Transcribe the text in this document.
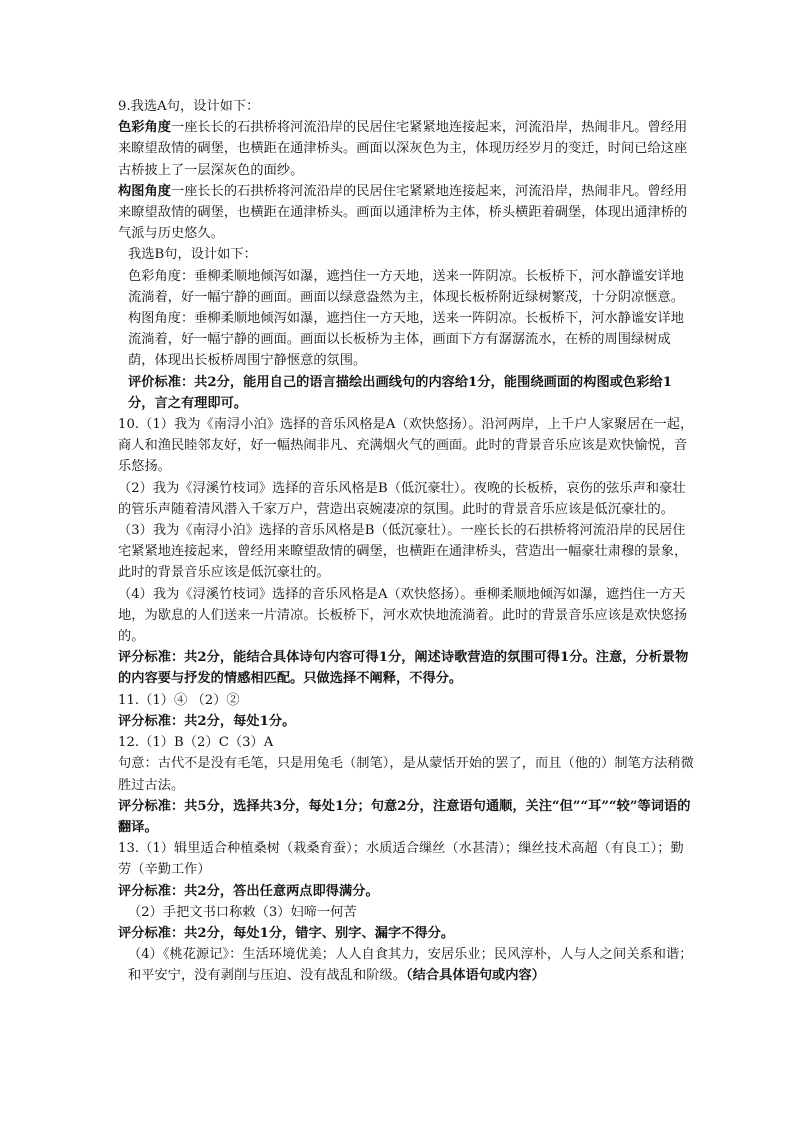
9.我选A句，设计如下：

色彩角度一座长长的石拱桥将河流沿岸的民居住宅紧紧地连接起来，河流沿岸，热闹非凡。曾经用来瞭望敌情的碉堡，也横距在通津桥头。画面以深灰色为主，体现历经岁月的变迁，时间已给这座古桥披上了一层深灰色的面纱。

构图角度一座长长的石拱桥将河流沿岸的民居住宅紧紧地连接起来，河流沿岸，热闹非凡。曾经用来瞭望敌情的碉堡，也横距在通津桥头。画面以通津桥为主体，桥头横距着碉堡，体现出通津桥的气派与历史悠久。

我选B句，设计如下：

色彩角度：垂柳柔顺地倾泻如瀑，遮挡住一方天地，送来一阵阴凉。长板桥下，河水静谧安详地流淌着，好一幅宁静的画面。画面以绿意盎然为主，体现长板桥附近绿树繁茂，十分阴凉惬意。

构图角度：垂柳柔顺地倾泻如瀑，遮挡住一方天地，送来一阵阴凉。长板桥下，河水静谧安详地流淌着，好一幅宁静的画面。画面以长板桥为主体，画面下方有潺潺流水，在桥的周围绿树成荫，体现出长板桥周围宁静惬意的氛围。

评价标准：共2分，能用自己的语言描绘出画线句的内容给1分，能围绕画面的构图或色彩给1分，言之有理即可。

10.（1）我为《南浔小泊》选择的音乐风格是A（欢快悠扬）。沿河两岸，上千户人家聚居在一起，商人和渔民睦邻友好，好一幅热闹非凡、充满烟火气的画面。此时的背景音乐应该是欢快愉悦，音乐悠扬。

（2）我为《浔溪竹枝词》选择的音乐风格是B（低沉豪壮）。夜晚的长板桥，哀伤的弦乐声和豪壮的管乐声随着清风潜入千家万户，营造出哀婉凄凉的氛围。此时的背景音乐应该是低沉豪壮的。

（3）我为《南浔小泊》选择的音乐风格是B（低沉豪壮）。一座长长的石拱桥将河流沿岸的民居住宅紧紧地连接起来，曾经用来瞭望敌情的碉堡，也横距在通津桥头，营造出一幅豪壮肃穆的景象，此时的背景音乐应该是低沉豪壮的。

（4）我为《浔溪竹枝词》选择的音乐风格是A（欢快悠扬）。垂柳柔顺地倾泻如瀑，遮挡住一方天地，为歇息的人们送来一片清凉。长板桥下，河水欢快地流淌着。此时的背景音乐应该是欢快悠扬的。

评分标准：共2分，能结合具体诗句内容可得1分，阐述诗歌营造的氛围可得1分。注意，分析景物的内容要与抒发的情感相匹配。只做选择不阐释，不得分。

11.（1）④ （2）②

评分标准：共2分，每处1分。

12.（1）B（2）C（3）A

句意：古代不是没有毛笔，只是用兔毛（制笔），是从蒙恬开始的罢了，而且（他的）制笔方法稍微胜过古法。

评分标准：共5分，选择共3分，每处1分；句意2分，注意语句通顺，关注“但”“耳”“较”等词语的翻译。

13.（1）辑里适合种植桑树（栽桑育蚕）；水质适合缫丝（水甚清）；缫丝技术高超（有良工）；勤劳（辛勤工作）

评分标准：共2分，答出任意两点即得满分。

（2）手把文书口称敕（3）妇啼一何苦

评分标准：共2分，每处1分，错字、别字、漏字不得分。

（4）《桃花源记》：生活环境优美；人人自食其力，安居乐业；民风淳朴，人与人之间关系和谐；和平安宁，没有剥削与压迫、没有战乱和阶级。（结合具体语句或内容）
